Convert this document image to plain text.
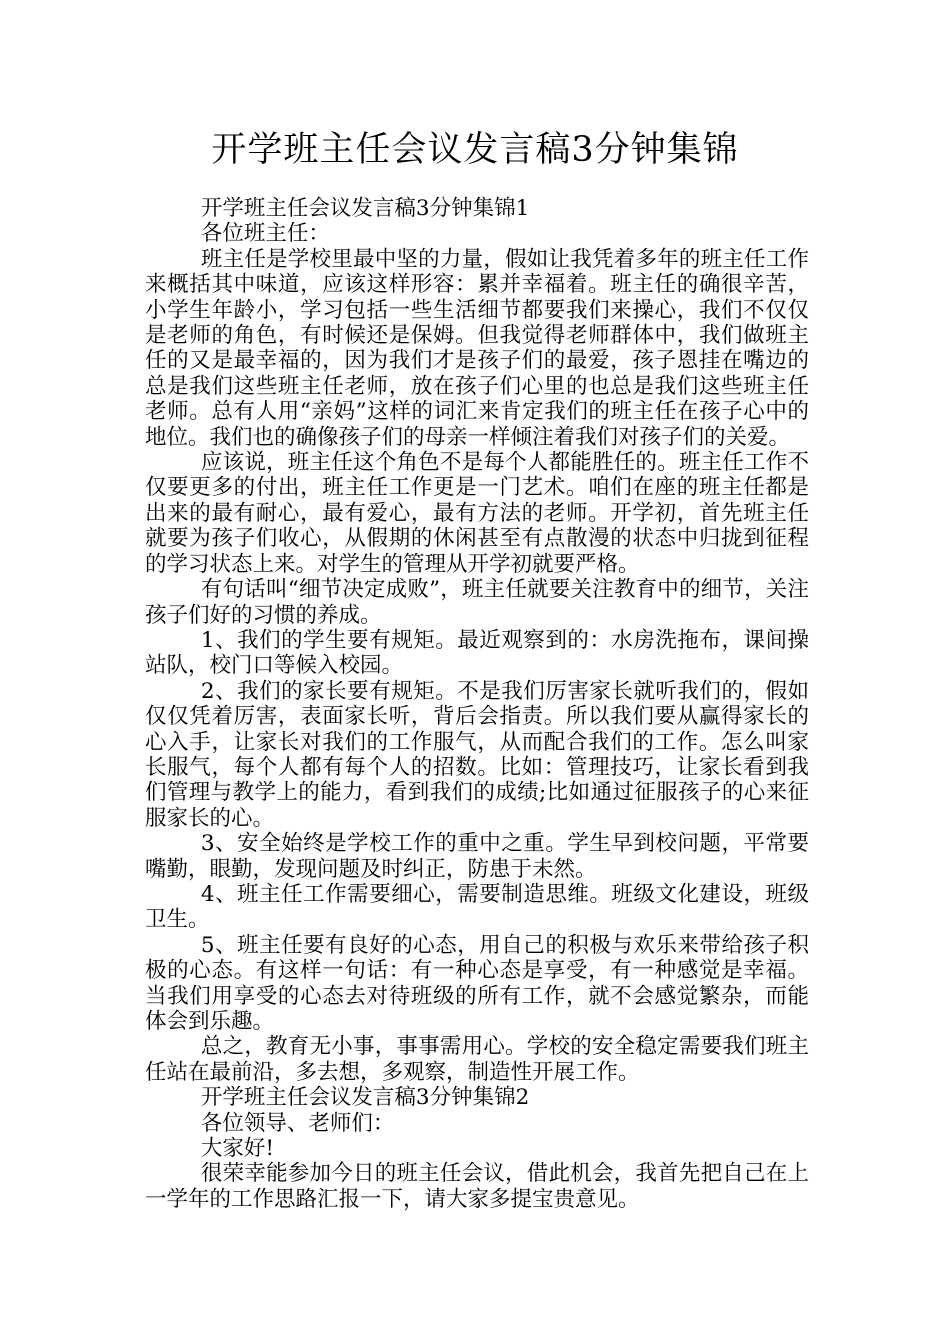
开学班主任会议发言稿3分钟集锦

开学班主任会议发言稿3分钟集锦1

各位班主任：

班主任是学校里最中坚的力量，假如让我凭着多年的班主任工作来概括其中味道，应该这样形容：累并幸福着。班主任的确很辛苦，小学生年龄小，学习包括一些生活细节都要我们来操心，我们不仅仅是老师的角色，有时候还是保姆。但我觉得老师群体中，我们做班主任的又是最幸福的，因为我们才是孩子们的最爱，孩子恩挂在嘴边的总是我们这些班主任老师，放在孩子们心里的也总是我们这些班主任老师。总有人用“亲妈”这样的词汇来肯定我们的班主任在孩子心中的地位。我们也的确像孩子们的母亲一样倾注着我们对孩子们的关爱。

应该说，班主任这个角色不是每个人都能胜任的。班主任工作不仅要更多的付出，班主任工作更是一门艺术。咱们在座的班主任都是出来的最有耐心，最有爱心，最有方法的老师。开学初，首先班主任就要为孩子们收心，从假期的休闲甚至有点散漫的状态中归拢到征程的学习状态上来。对学生的管理从开学初就要严格。

有句话叫“细节决定成败”，班主任就要关注教育中的细节，关注孩子们好的习惯的养成。

1、我们的学生要有规矩。最近观察到的：水房洗拖布，课间操站队，校门口等候入校园。

2、我们的家长要有规矩。不是我们厉害家长就听我们的，假如仅仅凭着厉害，表面家长听，背后会指责。所以我们要从赢得家长的心入手，让家长对我们的工作服气，从而配合我们的工作。怎么叫家长服气，每个人都有每个人的招数。比如：管理技巧，让家长看到我们管理与教学上的能力，看到我们的成绩;比如通过征服孩子的心来征服家长的心。

3、安全始终是学校工作的重中之重。学生早到校问题，平常要嘴勤，眼勤，发现问题及时纠正，防患于未然。

4、班主任工作需要细心，需要制造思维。班级文化建设，班级卫生。

5、班主任要有良好的心态，用自己的积极与欢乐来带给孩子积极的心态。有这样一句话：有一种心态是享受，有一种感觉是幸福。当我们用享受的心态去对待班级的所有工作，就不会感觉繁杂，而能体会到乐趣。

总之，教育无小事，事事需用心。学校的安全稳定需要我们班主任站在最前沿，多去想，多观察，制造性开展工作。

开学班主任会议发言稿3分钟集锦2

各位领导、老师们：

大家好!

很荣幸能参加今日的班主任会议，借此机会，我首先把自己在上一学年的工作思路汇报一下，请大家多提宝贵意见。
